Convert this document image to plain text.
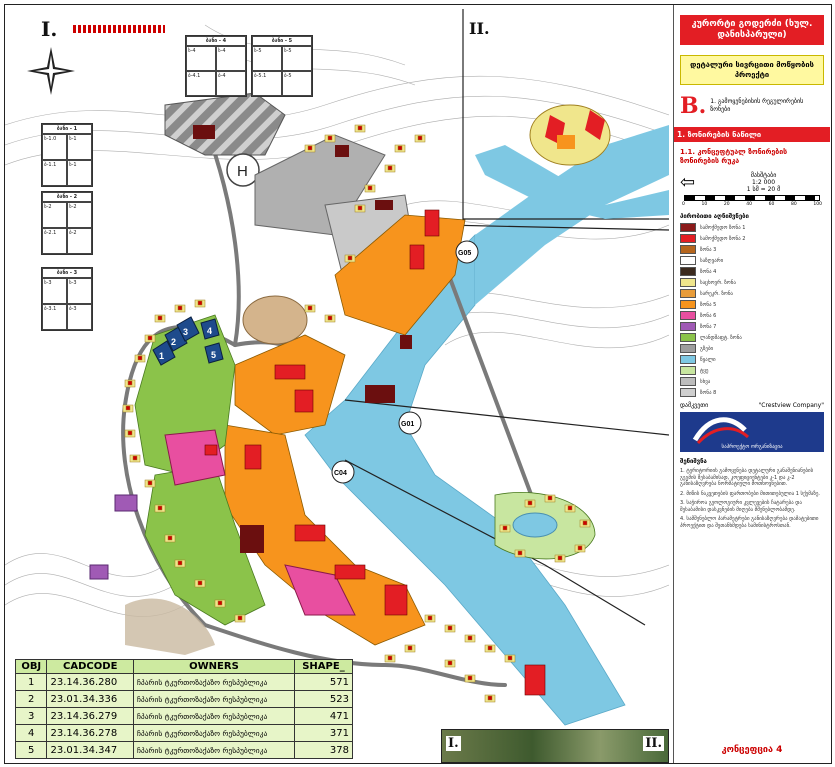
H
1
2
3 4
5
G05
G01
C04
I.	II.
ბანი - 1
ს-1.0	ს-1
ბ-1.1	ს-1
ბანი - 2
ს-2	ს-2
ბ-2.1	ბ-2
ბანი - 3
ს-3	ს-3
ბ-3.1	ბ-3
ბანი - 4
ს-4	ს-4
ბ-4.1	ბ-4
ბანი - 5
ს-5	ს-5
ბ-5.1	ბ-5
OBJ	CADCODE	OWNERS	SHAPE_
1	23.14.36.280	ჩპარის ტკურთოზაქაზო რესპუბლიკა	571
2	23.01.34.336	ჩპარის ტკურთოზაქაზო რესპუბლიკა	523
3	23.14.36.279	ჩპარის ტკურთოზაქაზო რესპუბლიკა	471
4	23.14.36.278	ჩპარის ტკურთოზაქაზო რესპუბლიკა	371
5	23.01.34.347	ჩპარის ტკურთოზაქაზო რესპუბლიკა	378	I.	II.
კურორტი გოდერძი (ხულ. დანისპარული)
დეტალური სივრცითი მოწყობის პროექტი
B. 1. გამოყენებისის რეგულირების ზონები
1. ზონირების ნაწილი
1.1. კონცეფტუალ ზონირების ზონირების რუკა
⇦	მასშტაბი
1:2 000
1 სმ = 20 მ
0	10	20	40	60	80	100
პირობითი აღნიშვნები
სამოქმედო ზონა 1
სამოქმედო ზონა 2
ზონა 3
საზღვარი
ზონა 4
საცხოვრ. ზონა
სარეკრ. ზონა
ზონა 5
ზონა 6
ზონა 7
ლანდშაფტ. ზონა
გზები
წყალი
ტყე
სხვა
ზონა 8
დამკვეთი	"Crestview Company"
საპროექტო ორგანიზაცია
შენიშვნა
1. ტერიტორიის გამოყენება დეტალური განაშენიანების გეგმის შესაბამისად, კოეფიციენტები კ-1 და კ-2 განისაზღვრება ნორმატიული მოთხოვნებით.
2. მიწის ნაკვეთების ფართობები მითითებულია 1 სქემაზე.
3. საჭიროა გეოლოგიური კვლევების ჩატარება და შესაბამისი დასკვნების მიღება მშენებლობამდე.
4. სამშენებლო პარამეტრები განისაზღვრება დამატებითი პროექტით და შეთანხმდება სამინისტროსთან.
კონცეფცია 4
